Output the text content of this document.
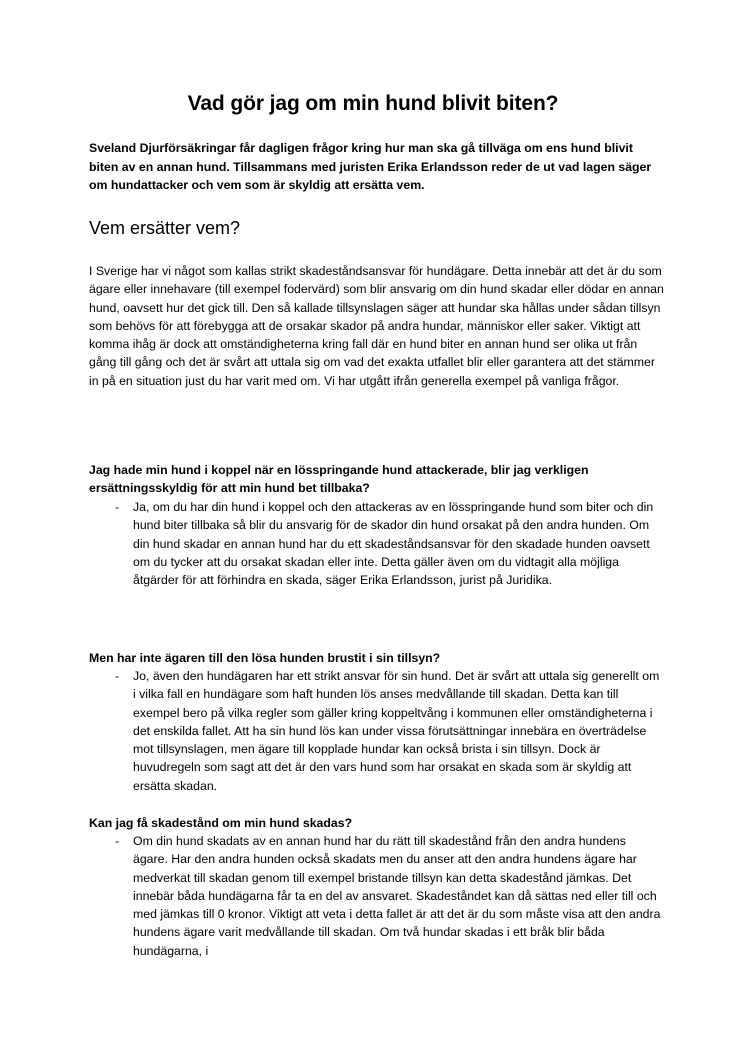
Vad gör jag om min hund blivit biten?

Sveland Djurförsäkringar får dagligen frågor kring hur man ska gå tillväga om ens hund blivit biten av en annan hund. Tillsammans med juristen Erika Erlandsson reder de ut vad lagen säger om hundattacker och vem som är skyldig att ersätta vem.

Vem ersätter vem?

I Sverige har vi något som kallas strikt skadeståndsansvar för hundägare. Detta innebär att det är du som ägare eller innehavare (till exempel fodervärd) som blir ansvarig om din hund skadar eller dödar en annan hund, oavsett hur det gick till. Den så kallade tillsynslagen säger att hundar ska hållas under sådan tillsyn som behövs för att förebygga att de orsakar skador på andra hundar, människor eller saker. Viktigt att komma ihåg är dock att omständigheterna kring fall där en hund biter en annan hund ser olika ut från gång till gång och det är svårt att uttala sig om vad det exakta utfallet blir eller garantera att det stämmer in på en situation just du har varit med om. Vi har utgått ifrån generella exempel på vanliga frågor.

Jag hade min hund i koppel när en lösspringande hund attackerade, blir jag verkligen ersättningsskyldig för att min hund bet tillbaka?

- Ja, om du har din hund i koppel och den attackeras av en lösspringande hund som biter och din hund biter tillbaka så blir du ansvarig för de skador din hund orsakat på den andra hunden. Om din hund skadar en annan hund har du ett skadeståndsansvar för den skadade hunden oavsett om du tycker att du orsakat skadan eller inte. Detta gäller även om du vidtagit alla möjliga åtgärder för att förhindra en skada, säger Erika Erlandsson, jurist på Juridika.

Men har inte ägaren till den lösa hunden brustit i sin tillsyn?

- Jo, även den hundägaren har ett strikt ansvar för sin hund. Det är svårt att uttala sig generellt om i vilka fall en hundägare som haft hunden lös anses medvållande till skadan. Detta kan till exempel bero på vilka regler som gäller kring koppeltvång i kommunen eller omständigheterna i det enskilda fallet. Att ha sin hund lös kan under vissa förutsättningar innebära en överträdelse mot tillsynslagen, men ägare till kopplade hundar kan också brista i sin tillsyn. Dock är huvudregeln som sagt att det är den vars hund som har orsakat en skada som är skyldig att ersätta skadan.

Kan jag få skadestånd om min hund skadas?

- Om din hund skadats av en annan hund har du rätt till skadestånd från den andra hundens ägare. Har den andra hunden också skadats men du anser att den andra hundens ägare har medverkat till skadan genom till exempel bristande tillsyn kan detta skadestånd jämkas. Det innebär båda hundägarna får ta en del av ansvaret. Skadeståndet kan då sättas ned eller till och med jämkas till 0 kronor. Viktigt att veta i detta fallet är att det är du som måste visa att den andra hundens ägare varit medvållande till skadan. Om två hundar skadas i ett bråk blir båda hundägarna, i
